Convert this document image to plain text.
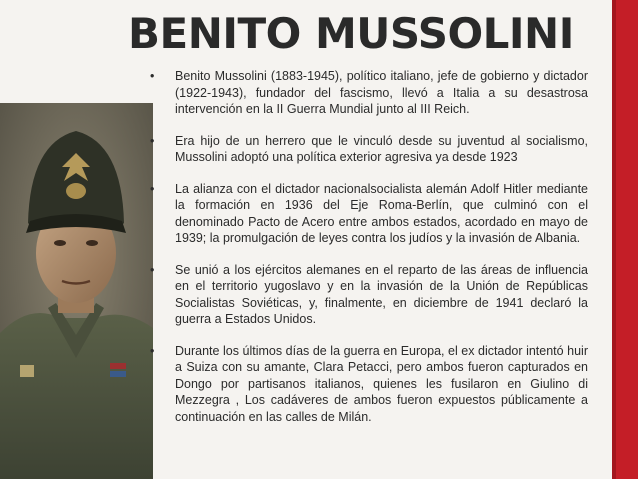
BENITO MUSSOLINI
• Benito Mussolini (1883-1945), político italiano, jefe de gobierno y dictador (1922-1943), fundador del fascismo, llevó a Italia a su desastrosa intervención en la II Guerra Mundial junto al III Reich.
• Era hijo de un herrero que le vinculó desde su juventud al socialismo, Mussolini adoptó una política exterior agresiva ya desde 1923
• La alianza con el dictador nacionalsocialista alemán Adolf Hitler mediante la formación en 1936 del Eje Roma-Berlín, que culminó con el denominado Pacto de Acero entre ambos estados, acordado en mayo de 1939; la promulgación de leyes contra los judíos y la invasión de Albania.
• Se unió a los ejércitos alemanes en el reparto de las áreas de influencia en el territorio yugoslavo y en la invasión de la Unión de Repúblicas Socialistas Soviéticas, y, finalmente, en diciembre de 1941 declaró la guerra a Estados Unidos.
• Durante los últimos días de la guerra en Europa, el ex dictador intentó huir a Suiza con su amante, Clara Petacci, pero ambos fueron capturados en Dongo por partisanos italianos, quienes les fusilaron en Giulino di Mezzegra , Los cadáveres de ambos fueron expuestos públicamente a continuación en las calles de Milán.
